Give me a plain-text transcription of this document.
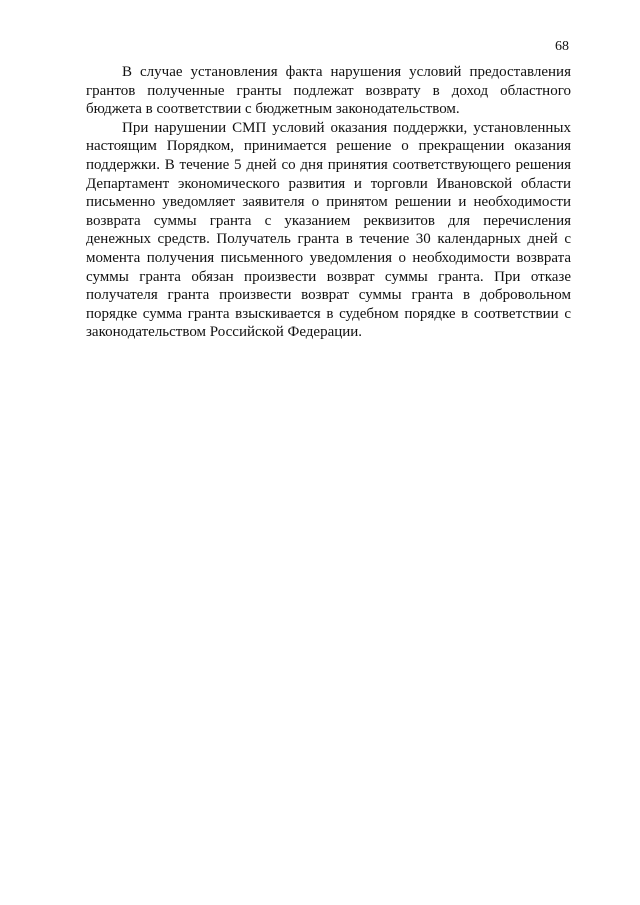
68

В случае установления факта нарушения условий предоставления грантов полученные гранты подлежат возврату в доход областного бюджета в соответствии с бюджетным законодательством.

При нарушении СМП условий оказания поддержки, установленных настоящим Порядком, принимается решение о прекращении оказания поддержки. В течение 5 дней со дня принятия соответствующего решения Департамент экономического развития и торговли Ивановской области письменно уведомляет заявителя о принятом решении и необходимости возврата суммы гранта с указанием реквизитов для перечисления денежных средств. Получатель гранта в течение 30 календарных дней с момента получения письменного уведомления о необходимости возврата суммы гранта обязан произвести возврат суммы гранта. При отказе получателя гранта произвести возврат суммы гранта в добровольном порядке сумма гранта взыскивается в судебном порядке в соответствии с законодательством Российской Федерации.
